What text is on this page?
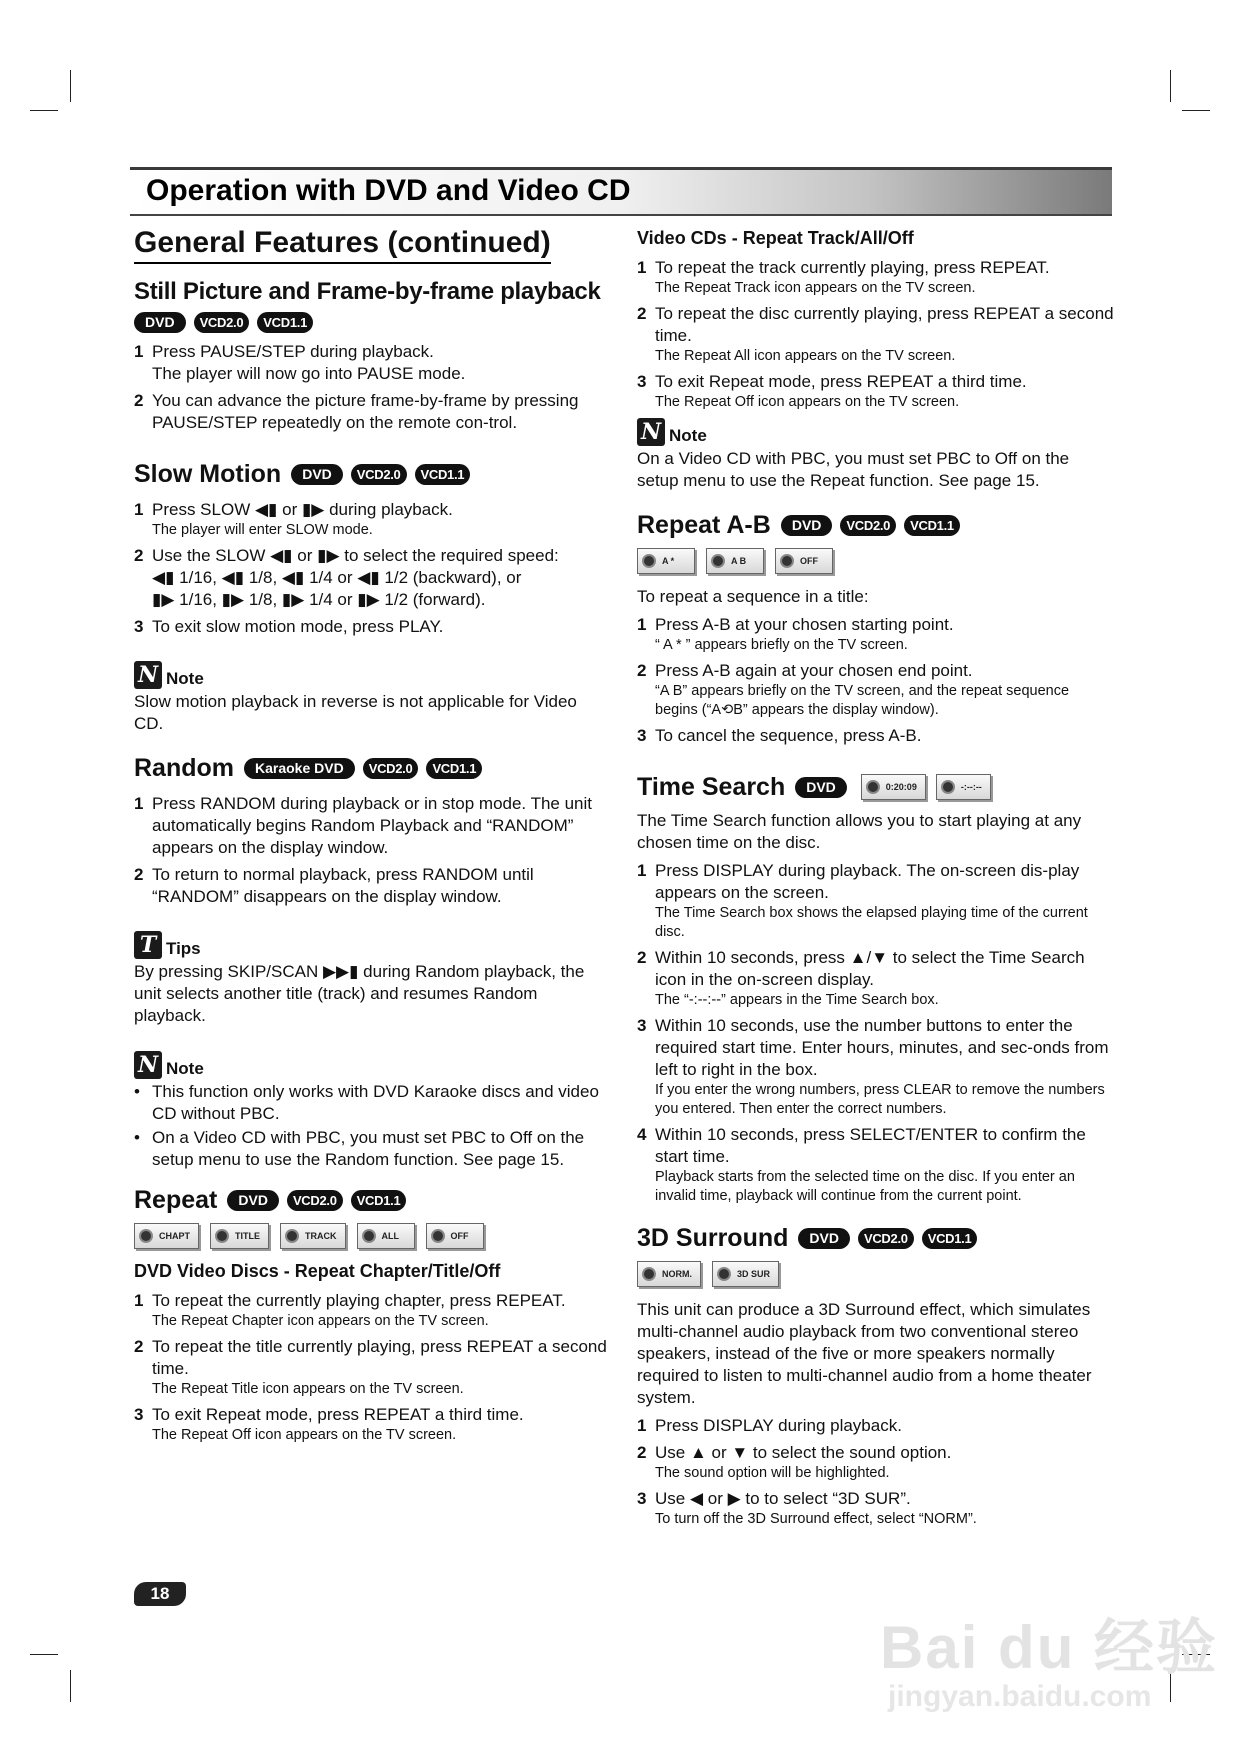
Operation with DVD and Video CD
General Features (continued)
Still Picture and Frame-by-frame playback
DVD	VCD2.0	VCD1.1
1 Press PAUSE/STEP during playback.
The player will now go into PAUSE mode.
2 You can advance the picture frame-by-frame by pressing PAUSE/STEP repeatedly on the remote con-trol.
Slow Motion	DVD	VCD2.0	VCD1.1
1 Press SLOW ◀▮ or ▮▶ during playback.
The player will enter SLOW mode.
2 Use the SLOW ◀▮ or ▮▶ to select the required speed:
◀▮ 1/16, ◀▮ 1/8, ◀▮ 1/4 or ◀▮ 1/2 (backward), or
▮▶ 1/16, ▮▶ 1/8, ▮▶ 1/4 or ▮▶ 1/2 (forward).
3 To exit slow motion mode, press PLAY.
N Note

Slow motion playback in reverse is not applicable for Video CD.

Random	Karaoke DVD	VCD2.0	VCD1.1
1 Press RANDOM during playback or in stop mode. The unit automatically begins Random Playback and “RANDOM” appears on the display window.
2 To return to normal playback, press RANDOM until “RANDOM” disappears on the display window.
T Tips

By pressing SKIP/SCAN ▶▶▮ during Random playback, the unit selects another title (track) and resumes Random playback.

N Note
• This function only works with DVD Karaoke discs and video CD without PBC.
• On a Video CD with PBC, you must set PBC to Off on the setup menu to use the Random function. See page 15.
Repeat	DVD	VCD2.0	VCD1.1
CHAPT	TITLE	TRACK	ALL	OFF
DVD Video Discs - Repeat Chapter/Title/Off
1 To repeat the currently playing chapter, press REPEAT.
The Repeat Chapter icon appears on the TV screen.
2 To repeat the title currently playing, press REPEAT a second time.
The Repeat Title icon appears on the TV screen.
3 To exit Repeat mode, press REPEAT a third time.
The Repeat Off icon appears on the TV screen.
Video CDs - Repeat Track/All/Off
1 To repeat the track currently playing, press REPEAT.
The Repeat Track icon appears on the TV screen.
2 To repeat the disc currently playing, press REPEAT a second time.
The Repeat All icon appears on the TV screen.
3 To exit Repeat mode, press REPEAT a third time.
The Repeat Off icon appears on the TV screen.
N Note

On a Video CD with PBC, you must set PBC to Off on the setup menu to use the Repeat function. See page 15.

Repeat A-B	DVD	VCD2.0	VCD1.1
A *	A B	OFF

To repeat a sequence in a title:

1 Press A-B at your chosen starting point.
“ A * ” appears briefly on the TV screen.
2 Press A-B again at your chosen end point.
“A B” appears briefly on the TV screen, and the repeat sequence begins (“A⟲B” appears the display window).
3 To cancel the sequence, press A-B.
Time Search	DVD	0:20:09	-:--:--

The Time Search function allows you to start playing at any chosen time on the disc.

1 Press DISPLAY during playback. The on-screen dis-play appears on the screen.
The Time Search box shows the elapsed playing time of the current disc.
2 Within 10 seconds, press ▲/▼ to select the Time Search icon in the on-screen display.
The “-:--:--” appears in the Time Search box.
3 Within 10 seconds, use the number buttons to enter the required start time. Enter hours, minutes, and sec-onds from left to right in the box.
If you enter the wrong numbers, press CLEAR to remove the numbers you entered. Then enter the correct numbers.
4 Within 10 seconds, press SELECT/ENTER to confirm the start time.
Playback starts from the selected time on the disc. If you enter an invalid time, playback will continue from the current point.
3D Surround	DVD	VCD2.0	VCD1.1
NORM.	3D SUR

This unit can produce a 3D Surround effect, which simulates multi-channel audio playback from two conventional stereo speakers, instead of the five or more speakers normally required to listen to multi-channel audio from a home theater system.

1 Press DISPLAY during playback.
2 Use ▲ or ▼ to select the sound option.
The sound option will be highlighted.
3 Use ◀ or ▶ to to select “3D SUR”.
To turn off the 3D Surround effect, select “NORM”.
18
Bai du 经验
jingyan.baidu.com
